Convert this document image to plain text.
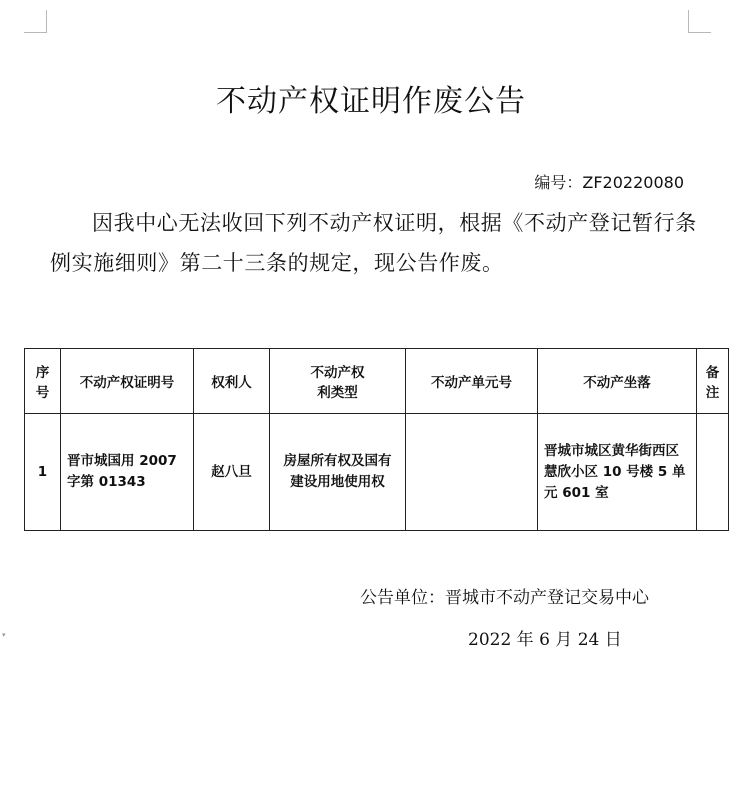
不动产权证明作废公告
编号：ZF20220080
因我中心无法收回下列不动产权证明，根据《不动产登记暂行条例实施细则》第二十三条的规定，现公告作废。
序号	不动产权证明号	权利人	不动产权利类型	不动产单元号	不动产坐落	备注
1	晋市城国用 2007 字第 01343	赵八旦	房屋所有权及国有建设用地使用权		晋城市城区黄华街西区慧欣小区 10 号楼 5 单元 601 室	
公告单位：晋城市不动产登记交易中心
2022 年 6 月 24 日
▾
